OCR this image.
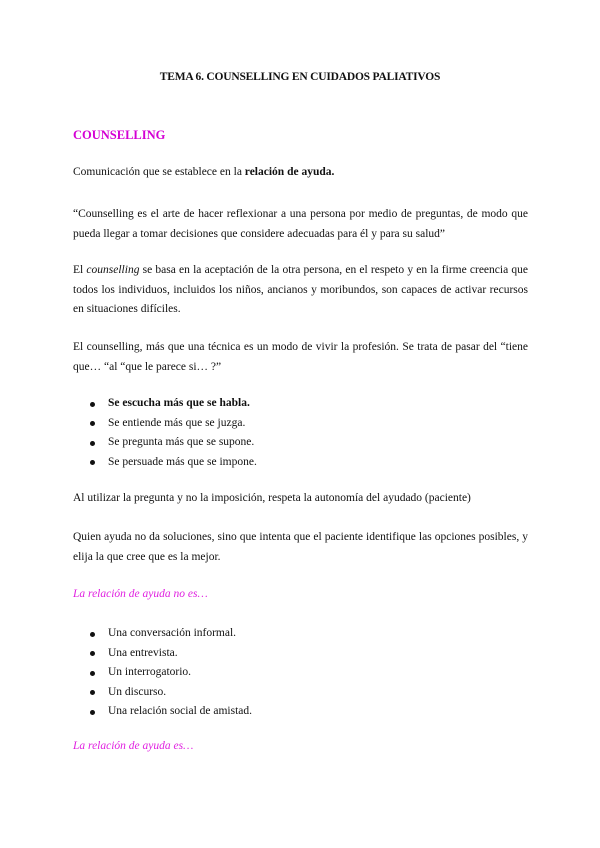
TEMA 6. COUNSELLING EN CUIDADOS PALIATIVOS
COUNSELLING
Comunicación que se establece en la relación de ayuda.
“Counselling es el arte de hacer reflexionar a una persona por medio de preguntas, de modo que pueda llegar a tomar decisiones que considere adecuadas para él y para su salud”
El counselling se basa en la aceptación de la otra persona, en el respeto y en la firme creencia que todos los individuos, incluidos los niños, ancianos y moribundos, son capaces de activar recursos en situaciones difíciles.
El counselling, más que una técnica es un modo de vivir la profesión. Se trata de pasar del “tiene que… “al “que le parece si… ?”
Se escucha más que se habla.
Se entiende más que se juzga.
Se pregunta más que se supone.
Se persuade más que se impone.
Al utilizar la pregunta y no la imposición, respeta la autonomía del ayudado (paciente)
Quien ayuda no da soluciones, sino que intenta que el paciente identifique las opciones posibles, y elija la que cree que es la mejor.
La relación de ayuda no es…
Una conversación informal.
Una entrevista.
Un interrogatorio.
Un discurso.
Una relación social de amistad.
La relación de ayuda es…
